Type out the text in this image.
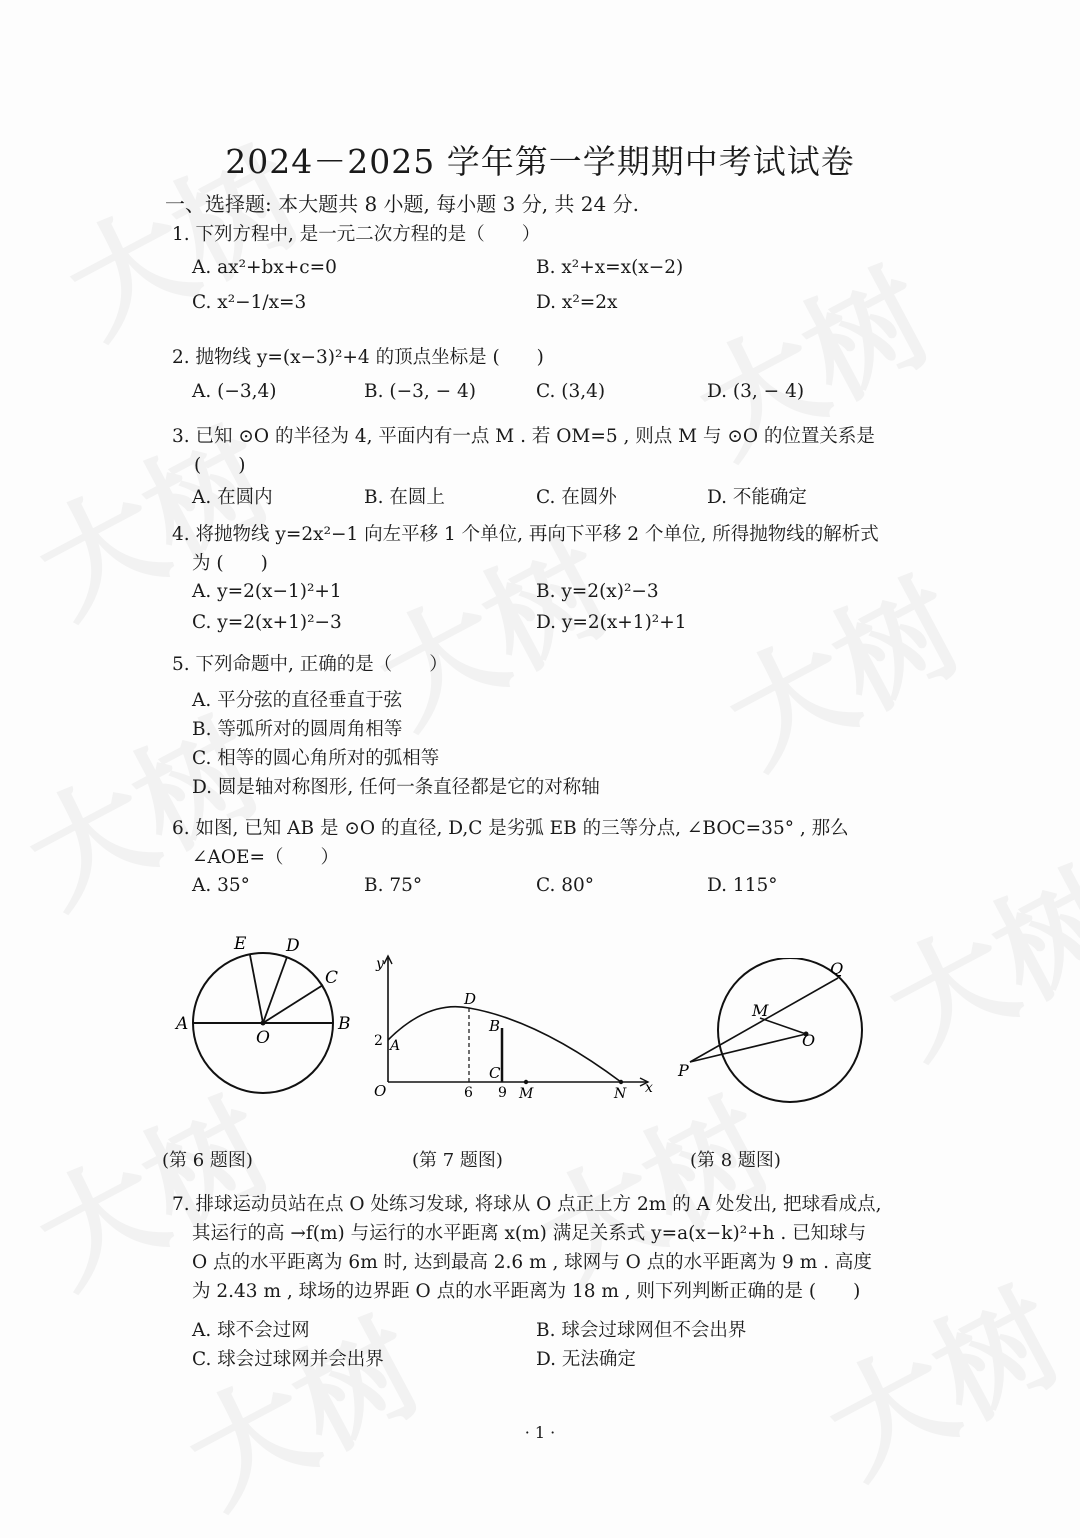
2024－2025 学年第一学期期中考试试卷
一、选择题: 本大题共 8 小题, 每小题 3 分, 共 24 分.
1. 下列方程中, 是一元二次方程的是（　　）
A. ax²+bx+c=0	B. x²+x=x(x−2)
C. x²−1/x=3	D. x²=2x
2. 抛物线 y=(x−3)²+4 的顶点坐标是 (　　)
A. (−3,4)	B. (−3, − 4)	C. (3,4)	D. (3, − 4)
3. 已知 ⊙O 的半径为 4, 平面内有一点 M . 若 OM=5 , 则点 M 与 ⊙O 的位置关系是
(　　)
A. 在圆内	B. 在圆上	C. 在圆外	D. 不能确定
4. 将抛物线 y=2x²−1 向左平移 1 个单位, 再向下平移 2 个单位, 所得抛物线的解析式
为 (　　)
A. y=2(x−1)²+1	B. y=2(x)²−3
C. y=2(x+1)²−3	D. y=2(x+1)²+1
5. 下列命题中, 正确的是（　　）
A. 平分弦的直径垂直于弦
B. 等弧所对的圆周角相等
C. 相等的圆心角所对的弧相等
D. 圆是轴对称图形, 任何一条直径都是它的对称轴
6. 如图, 已知 AB 是 ⊙O 的直径, D,C 是劣弧 EB 的三等分点, ∠BOC=35° , 那么
∠AOE=（　　）
A. 35°	B. 75°	C. 80°	D. 115°
E D
C
A
O
B
y
D
B
2 A
C
O	6 9 M	N x
Q
M
O
P
(第 6 题图)	(第 7 题图)	(第 8 题图)
7. 排球运动员站在点 O 处练习发球, 将球从 O 点正上方 2m 的 A 处发出, 把球看成点,
其运行的高 →f(m) 与运行的水平距离 x(m) 满足关系式 y=a(x−k)²+h . 已知球与
O 点的水平距离为 6m 时, 达到最高 2.6 m , 球网与 O 点的水平距离为 9 m . 高度
为 2.43 m , 球场的边界距 O 点的水平距离为 18 m , 则下列判断正确的是 (　　)
A. 球不会过网	B. 球会过球网但不会出界
C. 球会过球网并会出界	D. 无法确定
· 1 ·
